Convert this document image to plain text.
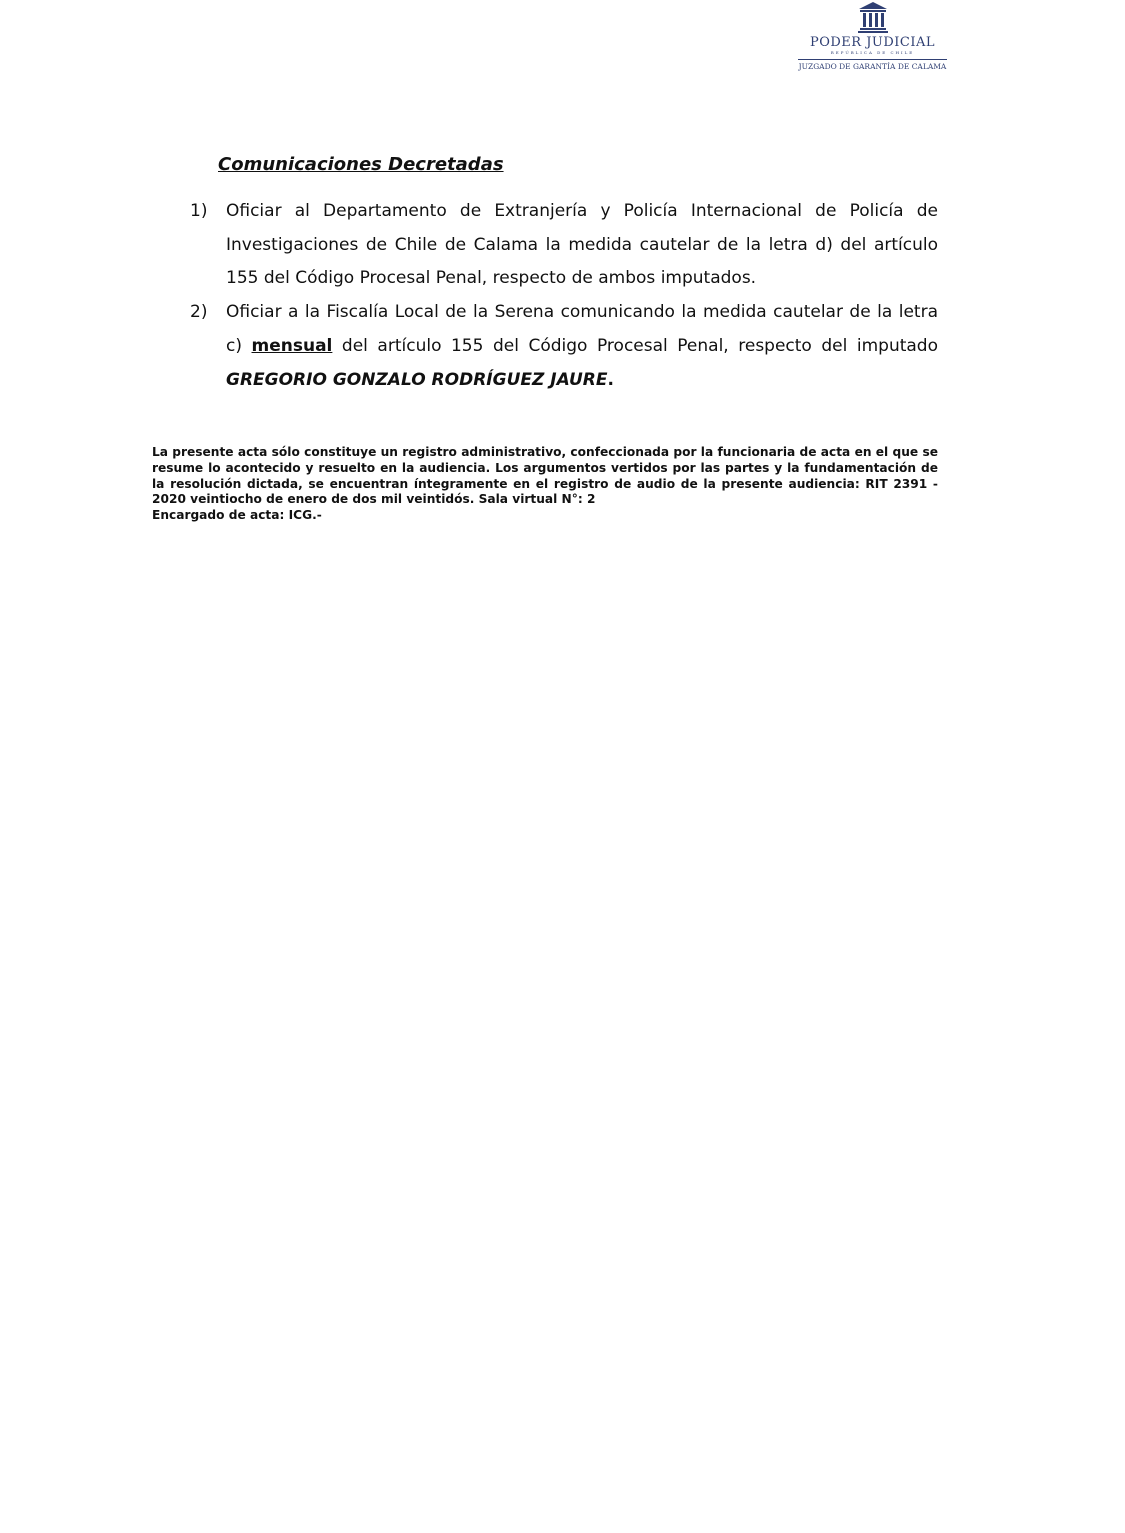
PODER JUDICIAL
REPÚBLICA DE CHILE
JUZGADO DE GARANTÍA DE CALAMA
Comunicaciones Decretadas
1)	Oficiar al Departamento de Extranjería y Policía Internacional de Policía de Investigaciones de Chile de Calama la medida cautelar de la letra d) del artículo 155 del Código Procesal Penal, respecto de ambos imputados.
2)	Oficiar a la Fiscalía Local de la Serena comunicando la medida cautelar de la letra c) mensual del artículo 155 del Código Procesal Penal, respecto del imputado GREGORIO GONZALO RODRÍGUEZ JAURE.
La presente acta sólo constituye un registro administrativo, confeccionada por la funcionaria de acta en el que se resume lo acontecido y resuelto en la audiencia. Los argumentos vertidos por las partes y la fundamentación de la resolución dictada, se encuentran íntegramente en el registro de audio de la presente audiencia: RIT 2391 - 2020 veintiocho de enero de dos mil veintidós. Sala virtual N°: 2
Encargado de acta: ICG.-
